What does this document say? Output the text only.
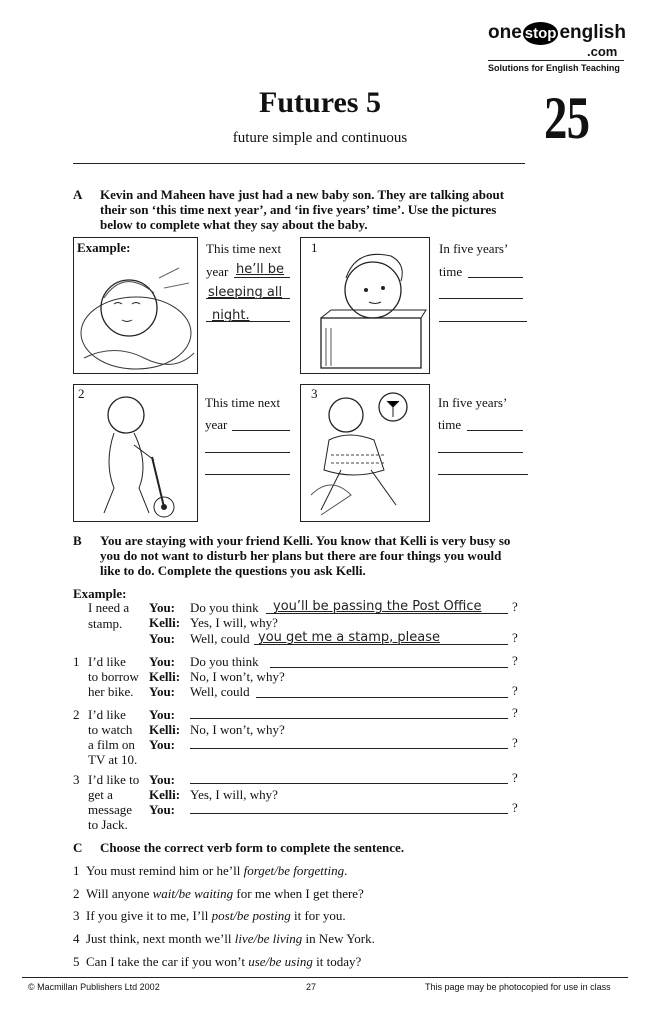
one stop english
.com
Solutions for English Teaching
Futures 5
future simple and continuous	25
A Kevin and Maheen have just had a new baby son. They are talking about their son ‘this time next year’, and ‘in five years’ time’. Use the pictures below to complete what they say about the baby.
Example:	This time next
year he’ll be
sleeping all
night.
1	In five years’
time
2
This time next
year
3
In five years’
time
B You are staying with your friend Kelli. You know that Kelli is very busy so you do not want to disturb her plans but there are four things you would like to do. Complete the questions you ask Kelli.
Example:
I need a
stamp.
You: Do you think you’ll be passing the Post Office ?
Kelli: Yes, I will, why?
You: Well, could you get me a stamp, please	?
1 I’d like
to borrow
her bike.
You: Do you think	?
Kelli: No, I won’t, why?
You: Well, could	?
2 I’d like
to watch
a film on
TV at 10.
You:	?
Kelli: No, I won’t, why?
You:	?
3 I’d like to
get a
message
to Jack.
You:	?
Kelli: Yes, I will, why?
You:	?
C Choose the correct verb form to complete the sentence.
1 You must remind him or he’ll forget/be forgetting.
2 Will anyone wait/be waiting for me when I get there?
3 If you give it to me, I’ll post/be posting it for you.
4 Just think, next month we’ll live/be living in New York.
5 Can I take the car if you won’t use/be using it today?
© Macmillan Publishers Ltd 2002	27	This page may be photocopied for use in class
